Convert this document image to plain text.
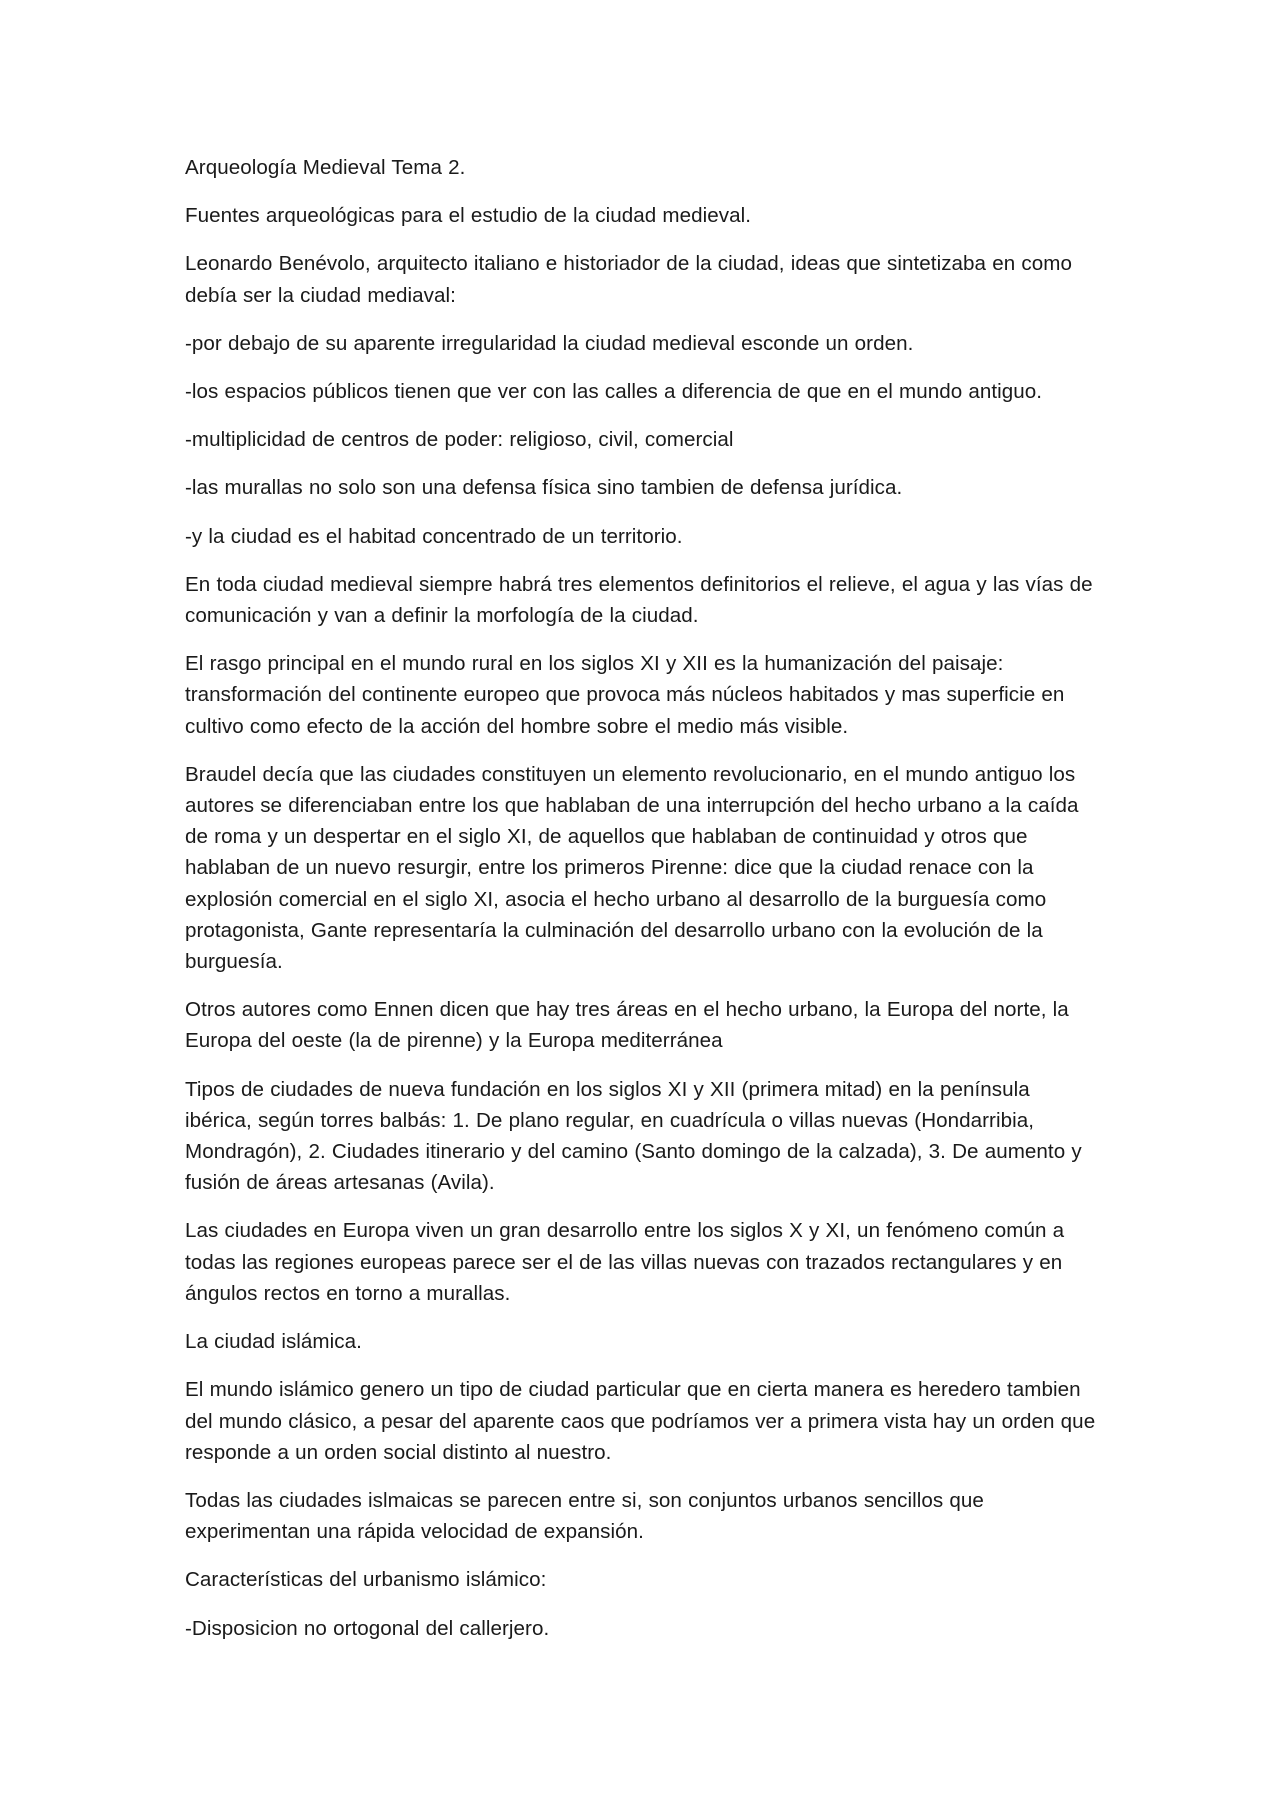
Arqueología Medieval Tema 2.

Fuentes arqueológicas para el estudio de la ciudad medieval.

Leonardo Benévolo, arquitecto italiano e historiador de la ciudad, ideas que sintetizaba en como debía ser la ciudad mediaval:

-por debajo de su aparente irregularidad la ciudad medieval esconde un orden.

-los espacios públicos tienen que ver con las calles a diferencia de que en el mundo antiguo.

-multiplicidad de centros de poder: religioso, civil, comercial

-las murallas no solo son una defensa física sino tambien de defensa jurídica.

-y la ciudad es el habitad concentrado de un territorio.

En toda ciudad medieval siempre habrá tres elementos definitorios el relieve, el agua y las vías de comunicación y van a definir la morfología de la ciudad.

El rasgo principal en el mundo rural en los siglos XI y XII es la humanización del paisaje: transformación del continente europeo que provoca más núcleos habitados y mas superficie en cultivo como efecto de la acción del hombre sobre el medio más visible.

Braudel decía que las ciudades constituyen un elemento revolucionario, en el mundo antiguo los autores se diferenciaban entre los que hablaban de una interrupción del hecho urbano a la caída de roma y un despertar en el siglo XI, de aquellos que hablaban de continuidad y otros que hablaban de un nuevo resurgir, entre los primeros Pirenne: dice que la ciudad renace con la explosión comercial en el siglo XI, asocia el hecho urbano al desarrollo de la burguesía como protagonista, Gante representaría la culminación del desarrollo urbano con la evolución de la burguesía.

Otros autores como Ennen dicen que hay tres áreas en el hecho urbano, la Europa del norte, la Europa del oeste (la de pirenne) y la Europa mediterránea

Tipos de ciudades de nueva fundación en los siglos XI y XII (primera mitad) en la península ibérica, según torres balbás: 1. De plano regular, en cuadrícula o villas nuevas (Hondarribia, Mondragón), 2. Ciudades itinerario y del camino (Santo domingo de la calzada), 3. De aumento y fusión de áreas artesanas (Avila).

Las ciudades en Europa viven un gran desarrollo entre los siglos X y XI, un fenómeno común a todas las regiones europeas parece ser el de las villas nuevas con trazados rectangulares y en ángulos rectos en torno a murallas.

La ciudad islámica.

El mundo islámico genero un tipo de ciudad particular que en cierta manera es heredero tambien del mundo clásico, a pesar del aparente caos que podríamos ver a primera vista hay un orden que responde a un orden social distinto al nuestro.

Todas las ciudades islmaicas se parecen entre si, son conjuntos urbanos sencillos que experimentan una rápida velocidad de expansión.

Características del urbanismo islámico:

-Disposicion no ortogonal del callerjero.
